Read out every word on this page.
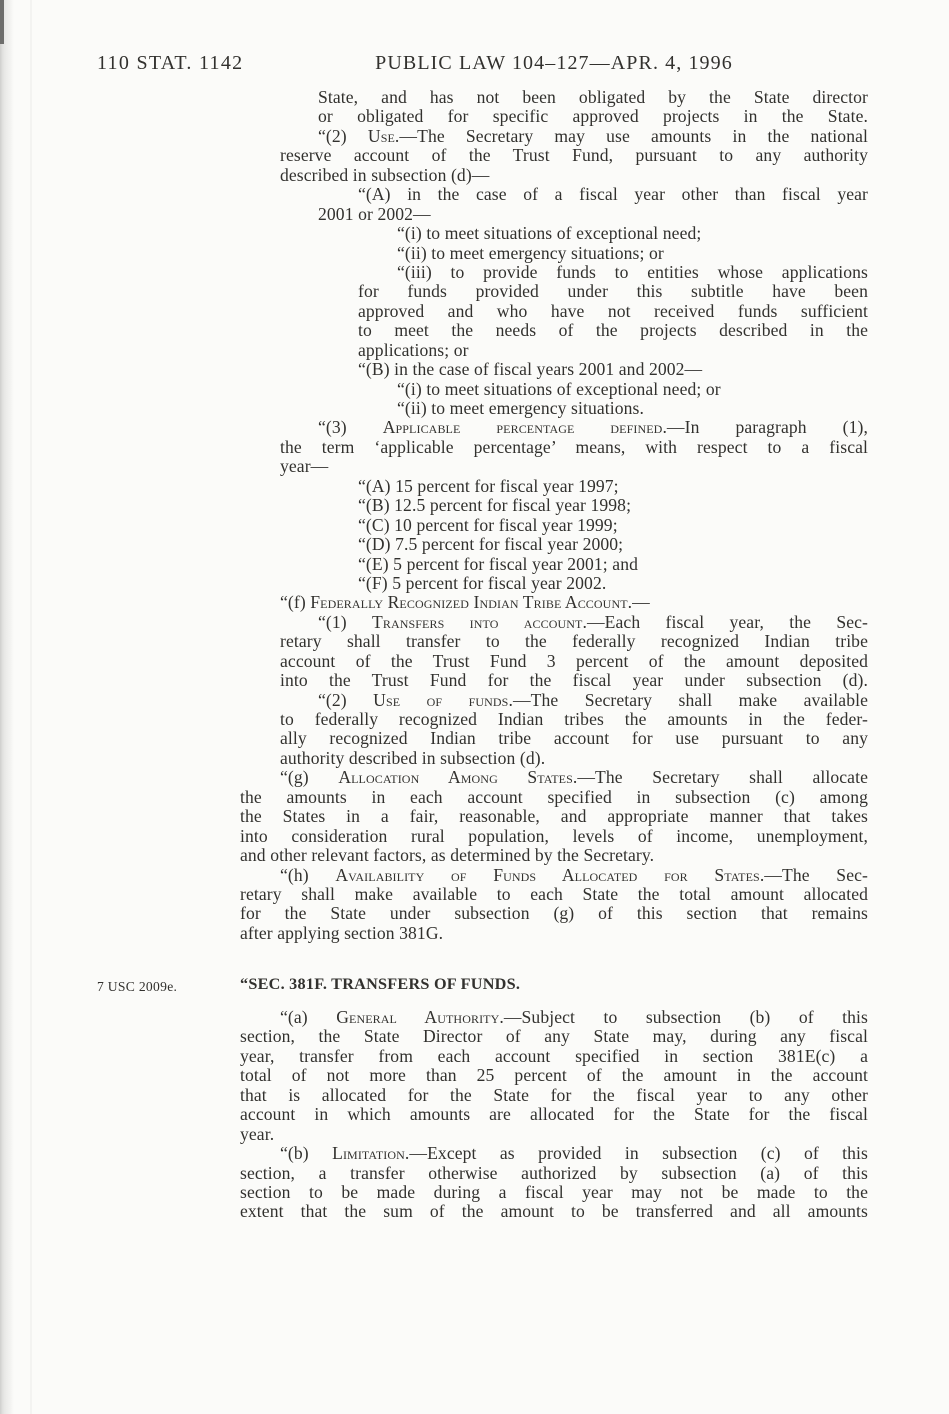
110 STAT. 1142	PUBLIC LAW 104–127—APR. 4, 1996
State, and has not been obligated by the State director
or obligated for specific approved projects in the State.
“(2) Use.—The Secretary may use amounts in the national
reserve account of the Trust Fund, pursuant to any authority
described in subsection (d)—
“(A) in the case of a fiscal year other than fiscal year
2001 or 2002—
“(i) to meet situations of exceptional need;
“(ii) to meet emergency situations; or
“(iii) to provide funds to entities whose applications
for funds provided under this subtitle have been
approved and who have not received funds sufficient
to meet the needs of the projects described in the
applications; or
“(B) in the case of fiscal years 2001 and 2002—
“(i) to meet situations of exceptional need; or
“(ii) to meet emergency situations.
“(3) Applicable percentage defined.—In paragraph (1),
the term ‘applicable percentage’ means, with respect to a fiscal
year—
“(A) 15 percent for fiscal year 1997;
“(B) 12.5 percent for fiscal year 1998;
“(C) 10 percent for fiscal year 1999;
“(D) 7.5 percent for fiscal year 2000;
“(E) 5 percent for fiscal year 2001; and
“(F) 5 percent for fiscal year 2002.
“(f) Federally Recognized Indian Tribe Account.—
“(1) Transfers into account.—Each fiscal year, the Sec-
retary shall transfer to the federally recognized Indian tribe
account of the Trust Fund 3 percent of the amount deposited
into the Trust Fund for the fiscal year under subsection (d).
“(2) Use of funds.—The Secretary shall make available
to federally recognized Indian tribes the amounts in the feder-
ally recognized Indian tribe account for use pursuant to any
authority described in subsection (d).
“(g) Allocation Among States.—The Secretary shall allocate
the amounts in each account specified in subsection (c) among
the States in a fair, reasonable, and appropriate manner that takes
into consideration rural population, levels of income, unemployment,
and other relevant factors, as determined by the Secretary.
“(h) Availability of Funds Allocated for States.—The Sec-
retary shall make available to each State the total amount allocated
for the State under subsection (g) of this section that remains
after applying section 381G.
7 USC 2009e.	“SEC. 381F. TRANSFERS OF FUNDS.
“(a) General Authority.—Subject to subsection (b) of this
section, the State Director of any State may, during any fiscal
year, transfer from each account specified in section 381E(c) a
total of not more than 25 percent of the amount in the account
that is allocated for the State for the fiscal year to any other
account in which amounts are allocated for the State for the fiscal
year.
“(b) Limitation.—Except as provided in subsection (c) of this
section, a transfer otherwise authorized by subsection (a) of this
section to be made during a fiscal year may not be made to the
extent that the sum of the amount to be transferred and all amounts
